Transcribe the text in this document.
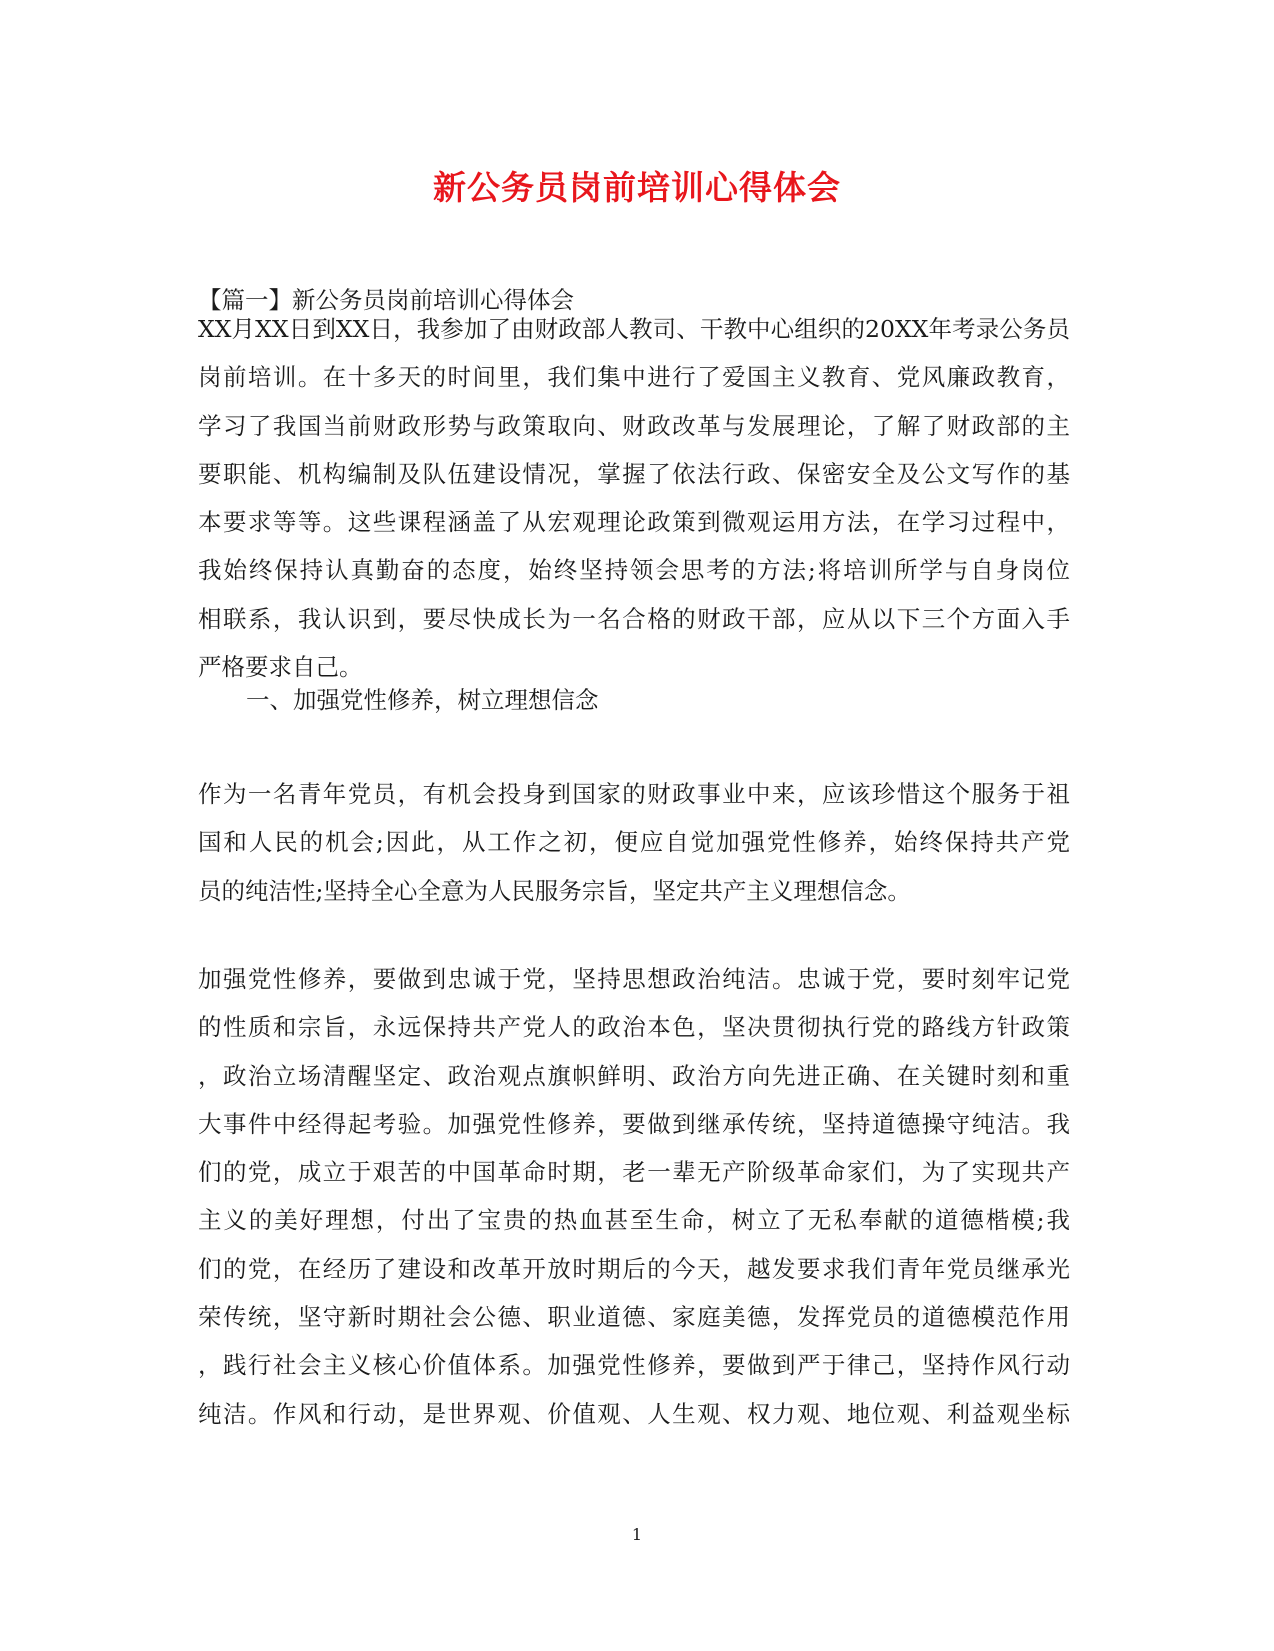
新公务员岗前培训心得体会
【篇一】新公务员岗前培训心得体会
XX月XX日到XX日，我参加了由财政部人教司、干教中心组织的20XX年考录公务员
岗前培训。在十多天的时间里，我们集中进行了爱国主义教育、党风廉政教育，
学习了我国当前财政形势与政策取向、财政改革与发展理论，了解了财政部的主
要职能、机构编制及队伍建设情况，掌握了依法行政、保密安全及公文写作的基
本要求等等。这些课程涵盖了从宏观理论政策到微观运用方法，在学习过程中，
我始终保持认真勤奋的态度，始终坚持领会思考的方法;将培训所学与自身岗位
相联系，我认识到，要尽快成长为一名合格的财政干部，应从以下三个方面入手
严格要求自己。
一、加强党性修养，树立理想信念
作为一名青年党员，有机会投身到国家的财政事业中来，应该珍惜这个服务于祖
国和人民的机会;因此，从工作之初，便应自觉加强党性修养，始终保持共产党
员的纯洁性;坚持全心全意为人民服务宗旨，坚定共产主义理想信念。
加强党性修养，要做到忠诚于党，坚持思想政治纯洁。忠诚于党，要时刻牢记党
的性质和宗旨，永远保持共产党人的政治本色，坚决贯彻执行党的路线方针政策
，政治立场清醒坚定、政治观点旗帜鲜明、政治方向先进正确、在关键时刻和重
大事件中经得起考验。加强党性修养，要做到继承传统，坚持道德操守纯洁。我
们的党，成立于艰苦的中国革命时期，老一辈无产阶级革命家们，为了实现共产
主义的美好理想，付出了宝贵的热血甚至生命，树立了无私奉献的道德楷模;我
们的党，在经历了建设和改革开放时期后的今天，越发要求我们青年党员继承光
荣传统，坚守新时期社会公德、职业道德、家庭美德，发挥党员的道德模范作用
，践行社会主义核心价值体系。加强党性修养，要做到严于律己，坚持作风行动
纯洁。作风和行动，是世界观、价值观、人生观、权力观、地位观、利益观坐标
1
